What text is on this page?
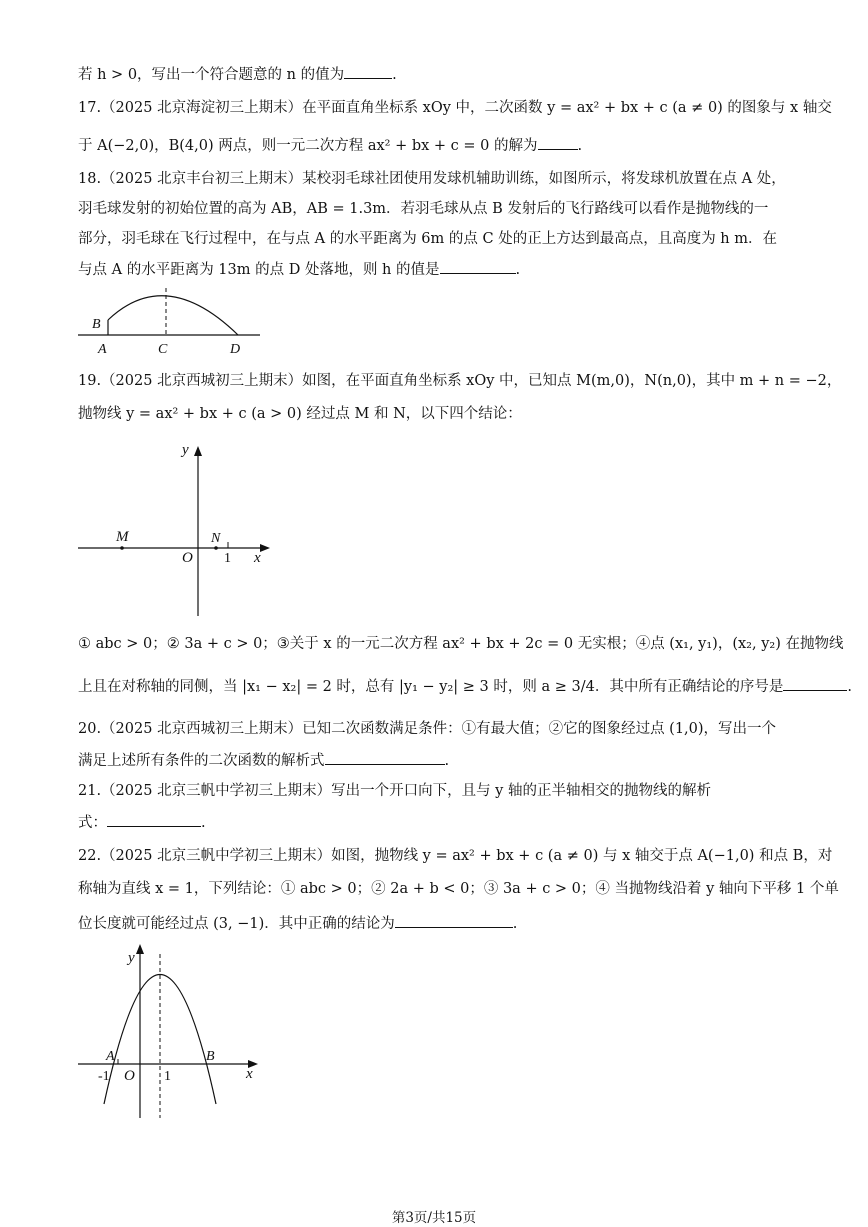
若 h > 0，写出一个符合题意的 n 的值为	.
17.（2025 北京海淀初三上期末）在平面直角坐标系 xOy 中，二次函数 y = ax² + bx + c (a ≠ 0) 的图象与 x 轴交
于 A(−2,0)，B(4,0) 两点，则一元二次方程 ax² + bx + c = 0 的解为	.
18.（2025 北京丰台初三上期末）某校羽毛球社团使用发球机辅助训练，如图所示，将发球机放置在点 A 处，
羽毛球发射的初始位置的高为 AB，AB = 1.3m．若羽毛球从点 B 发射后的飞行路线可以看作是抛物线的一
部分，羽毛球在飞行过程中，在与点 A 的水平距离为 6m 的点 C 处的正上方达到最高点，且高度为 h m．在
与点 A 的水平距离为 13m 的点 D 处落地，则 h 的值是	.
B
A	C	D
19.（2025 北京西城初三上期末）如图，在平面直角坐标系 xOy 中，已知点 M(m,0)，N(n,0)，其中 m + n = −2，
抛物线 y = ax² + bx + c (a > 0) 经过点 M 和 N，以下四个结论：
y
M	N
1
O	x
① abc > 0；② 3a + c > 0；③关于 x 的一元二次方程 ax² + bx + 2c = 0 无实根；④点 (x₁, y₁)，(x₂, y₂) 在抛物线
上且在对称轴的同侧，当 |x₁ − x₂| = 2 时，总有 |y₁ − y₂| ≥ 3 时，则 a ≥ 3/4．其中所有正确结论的序号是	.
20.（2025 北京西城初三上期末）已知二次函数满足条件：①有最大值；②它的图象经过点 (1,0)，写出一个
满足上述所有条件的二次函数的解析式	.
21.（2025 北京三帆中学初三上期末）写出一个开口向下，且与 y 轴的正半轴相交的抛物线的解析
式：	.
22.（2025 北京三帆中学初三上期末）如图，抛物线 y = ax² + bx + c (a ≠ 0) 与 x 轴交于点 A(−1,0) 和点 B，对
称轴为直线 x = 1，下列结论：① abc > 0；② 2a + b < 0；③ 3a + c > 0；④ 当抛物线沿着 y 轴向下平移 1 个单
位长度就可能经过点 (3, −1)．其中正确的结论为	.
y
A	B
-1 O 1	x
第3页/共15页
